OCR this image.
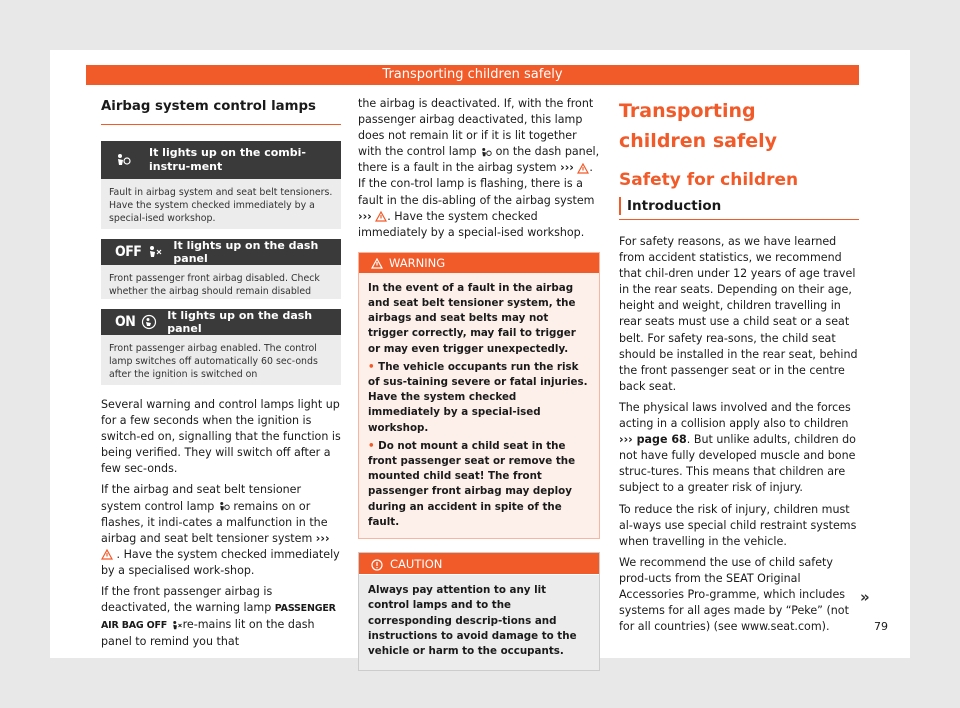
Transporting children safely
Airbag system control lamps
It lights up on the combi-instru-ment
Fault in airbag system and seat belt tensioners. Have the system checked immediately by a special-ised workshop.
OFF	It lights up on the dash panel
Front passenger front airbag disabled. Check whether the airbag should remain disabled
ON	It lights up on the dash panel
Front passenger airbag enabled. The control lamp switches off automatically 60 sec-onds after the ignition is switched on

Several warning and control lamps light up for a few seconds when the ignition is switch-ed on, signalling that the function is being verified. They will switch off after a few sec-onds.

If the airbag and seat belt tensioner system control lamp remains on or flashes, it indi-cates a malfunction in the airbag and seat belt tensioner system ›››  . Have the system checked immediately by a specialised work-shop.

If the front passenger airbag is deactivated, the warning lamp PASSENGER AIR BAG OFF re-mains lit on the dash panel to remind you that

the airbag is deactivated. If, with the front passenger airbag deactivated, this lamp does not remain lit or if it is lit together with the control lamp on the dash panel, there is a fault in the airbag system ››› . If the con-trol lamp is flashing, there is a fault in the dis-abling of the airbag system ››› . Have the system checked immediately by a special-ised workshop.

WARNING
In the event of a fault in the airbag and seat belt tensioner system, the airbags and seat belts may not trigger correctly, may fail to trigger or may even trigger unexpectedly.
• The vehicle occupants run the risk of sus-taining severe or fatal injuries. Have the system checked immediately by a special-ised workshop.
• Do not mount a child seat in the front passenger seat or remove the mounted child seat! The front passenger front airbag may deploy during an accident in spite of the fault.
CAUTION
Always pay attention to any lit control lamps and to the corresponding descrip-tions and instructions to avoid damage to the vehicle or harm to the occupants.
Transporting children safely
Safety for children
Introduction

For safety reasons, as we have learned from accident statistics, we recommend that chil-dren under 12 years of age travel in the rear seats. Depending on their age, height and weight, children travelling in rear seats must use a child seat or a seat belt. For safety rea-sons, the child seat should be installed in the rear seat, behind the front passenger seat or in the centre back seat.

The physical laws involved and the forces acting in a collision apply also to children ››› page 68. But unlike adults, children do not have fully developed muscle and bone struc-tures. This means that children are subject to a greater risk of injury.

To reduce the risk of injury, children must al-ways use special child restraint systems when travelling in the vehicle.

We recommend the use of child safety prod-ucts from the SEAT Original Accessories Pro-gramme, which includes systems for all ages made by “Peke” (not for all countries) (see www.seat.com).

»
79
